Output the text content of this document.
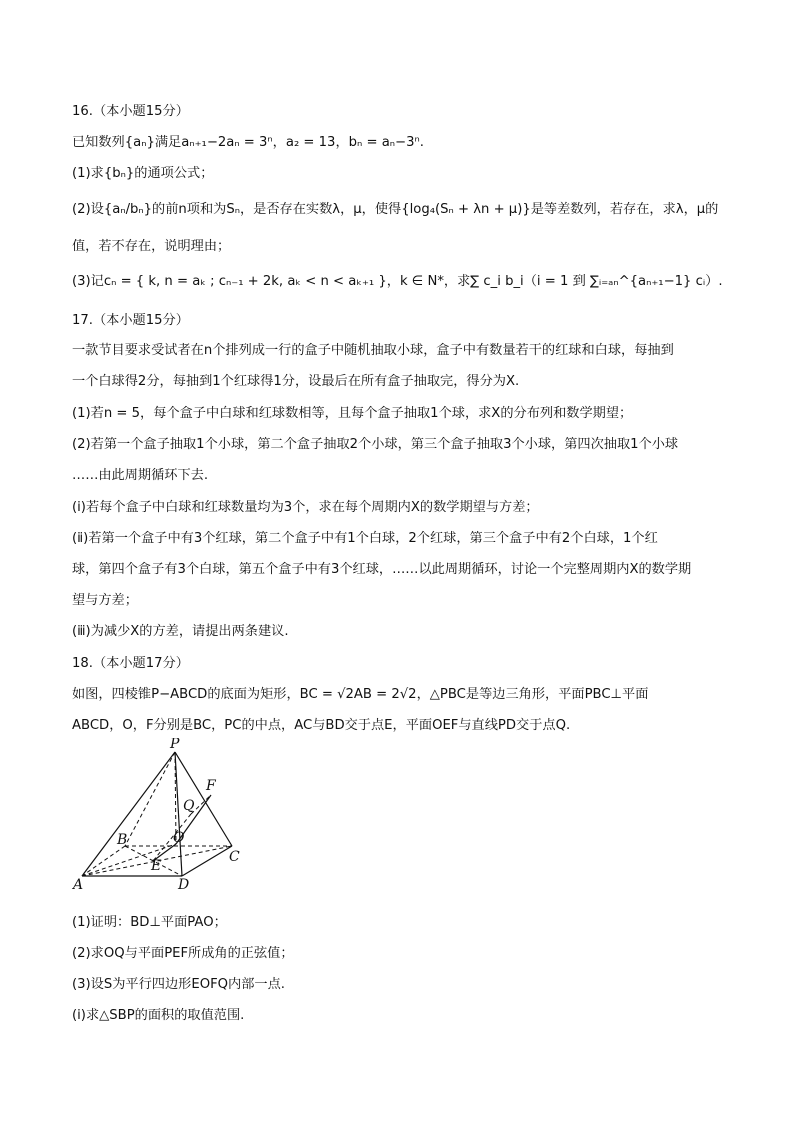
16.（本小题15分）
已知数列{aₙ}满足aₙ₊₁−2aₙ = 3ⁿ，a₂ = 13，bₙ = aₙ−3ⁿ.
(1)求{bₙ}的通项公式；
(2)设{aₙ/bₙ}的前n项和为Sₙ，是否存在实数λ，μ，使得{log₄(Sₙ + λn + μ)}是等差数列，若存在，求λ，μ的
值，若不存在，说明理由；
(3)记cₙ = { k, n = aₖ ; cₙ₋₁ + 2k, aₖ < n < aₖ₊₁ }，k ∈ N*，求∑ c_i b_i（i = 1 到 ∑ᵢ₌ₐₙ^{aₙ₊₁−1} cᵢ）.
17.（本小题15分）
一款节目要求受试者在n个排列成一行的盒子中随机抽取小球，盒子中有数量若干的红球和白球，每抽到
一个白球得2分，每抽到1个红球得1分，设最后在所有盒子抽取完，得分为X.
(1)若n = 5，每个盒子中白球和红球数相等，且每个盒子抽取1个球，求X的分布列和数学期望；
(2)若第一个盒子抽取1个小球，第二个盒子抽取2个小球，第三个盒子抽取3个小球，第四次抽取1个小球
……由此周期循环下去.
(ⅰ)若每个盒子中白球和红球数量均为3个，求在每个周期内X的数学期望与方差；
(ⅱ)若第一个盒子中有3个红球，第二个盒子中有1个白球，2个红球，第三个盒子中有2个白球，1个红
球，第四个盒子有3个白球，第五个盒子中有3个红球，……以此周期循环，讨论一个完整周期内X的数学期
望与方差；
(ⅲ)为减少X的方差，请提出两条建议.
18.（本小题17分）
如图，四棱锥P−ABCD的底面为矩形，BC = √2AB = 2√2，△PBC是等边三角形，平面PBC⊥平面
ABCD，O，F分别是BC，PC的中点，AC与BD交于点E，平面OEF与直线PD交于点Q.
P
Q
F
B	O
C
E
A	D
(1)证明：BD⊥平面PAO；
(2)求OQ与平面PEF所成角的正弦值；
(3)设S为平行四边形EOFQ内部一点.
(ⅰ)求△SBP的面积的取值范围.
